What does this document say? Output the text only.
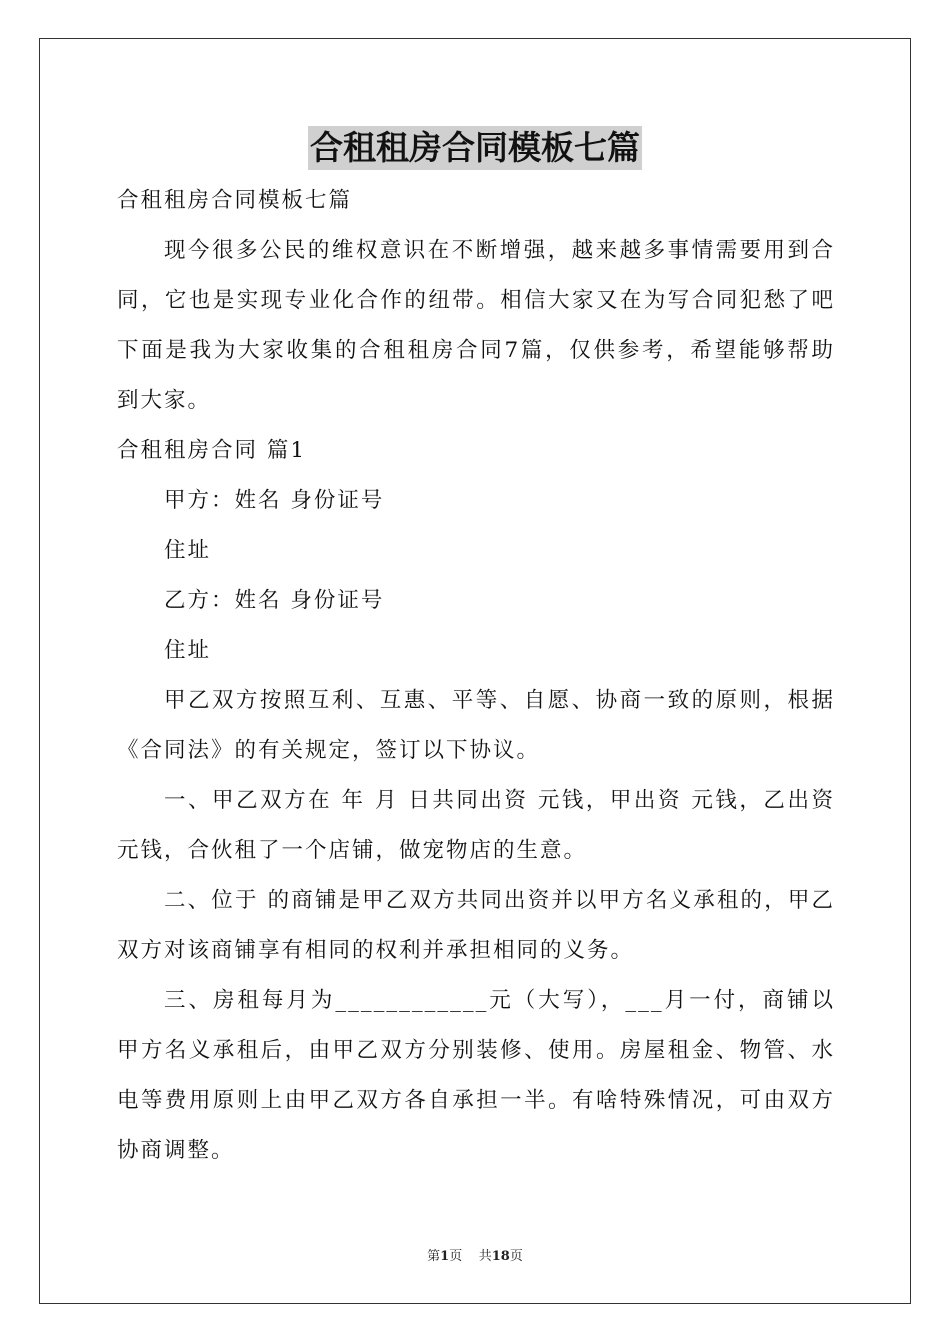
合租租房合同模板七篇

合租租房合同模板七篇

现今很多公民的维权意识在不断增强，越来越多事情需要用到合同，它也是实现专业化合作的纽带。相信大家又在为写合同犯愁了吧下面是我为大家收集的合租租房合同7篇，仅供参考，希望能够帮助到大家。

合租租房合同 篇1

甲方：姓名 身份证号

住址

乙方：姓名 身份证号

住址

甲乙双方按照互利、互惠、平等、自愿、协商一致的原则，根据《合同法》的有关规定，签订以下协议。

一、甲乙双方在 年 月 日共同出资 元钱，甲出资 元钱，乙出资 元钱，合伙租了一个店铺，做宠物店的生意。

二、位于 的商铺是甲乙双方共同出资并以甲方名义承租的，甲乙双方对该商铺享有相同的权利并承担相同的义务。

三、房租每月为____________元（大写），___月一付，商铺以甲方名义承租后，由甲乙双方分别装修、使用。房屋租金、物管、水电等费用原则上由甲乙双方各自承担一半。有啥特殊情况，可由双方协商调整。

第1页 共18页
